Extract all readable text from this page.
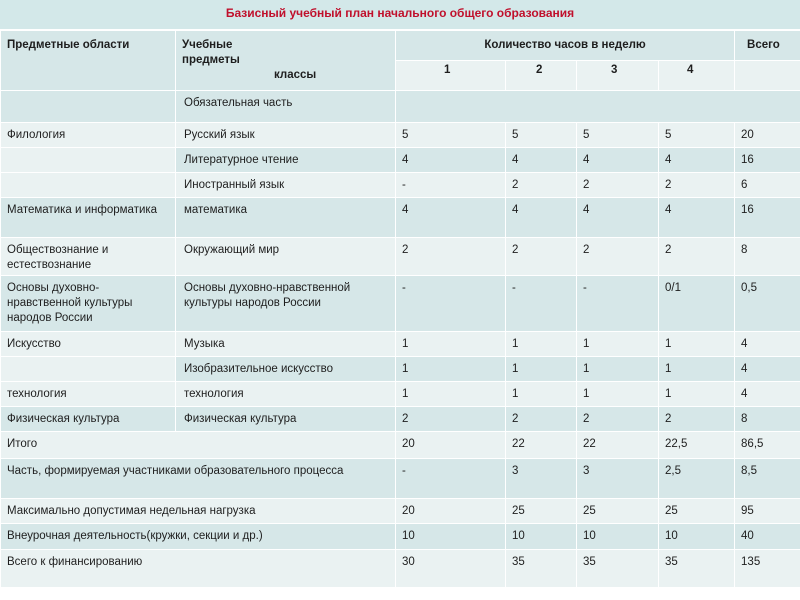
Базисный учебный план начального общего образования
Предметные области	Учебные
предметы
классы	Количество часов в неделю				Всего
		1	2	3	4	
	Обязательная часть					
Филология	Русский язык	5	5	5	5	20
	Литературное чтение	4	4	4	4	16
	Иностранный язык	-	2	2	2	6
Математика и информатика	математика	4	4	4	4	16
Обществознание и естествознание	Окружающий мир	2	2	2	2	8
Основы духовно-нравственной культуры народов России	Основы духовно-нравственной культуры народов России	-	-	-	0/1	0,5
Искусство	Музыка	1	1	1	1	4
	Изобразительное искусство	1	1	1	1	4
технология	технология	1	1	1	1	4
Физическая культура	Физическая культура	2	2	2	2	8
Итого		20	22	22	22,5	86,5
Часть, формируемая участниками образовательного процесса		-	3	3	2,5	8,5
Максимально допустимая недельная нагрузка		20	25	25	25	95
Внеурочная деятельность(кружки, секции и др.)		10	10	10	10	40
Всего к финансированию		30	35	35	35	135
